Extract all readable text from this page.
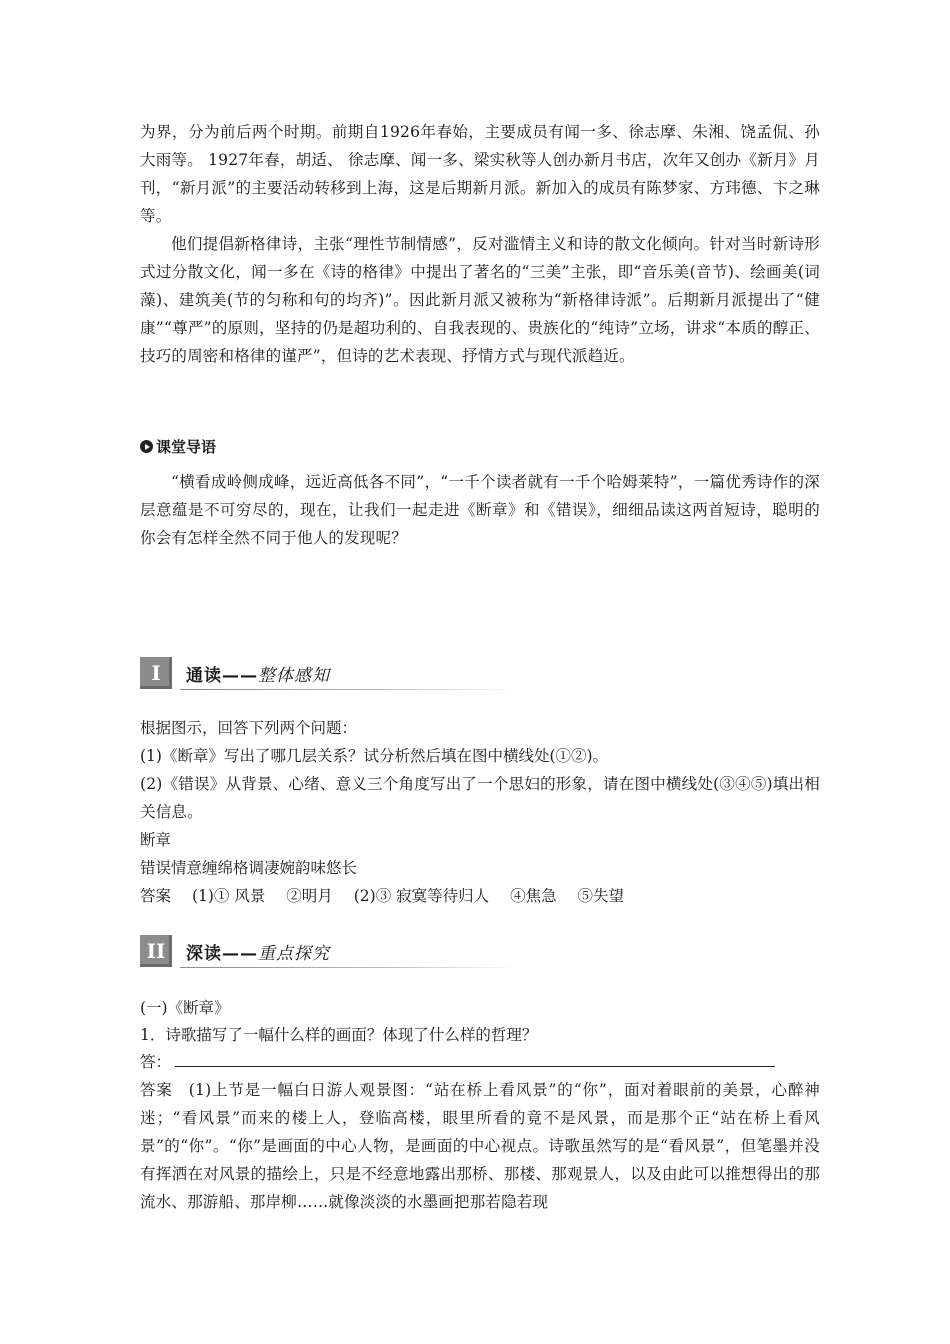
为界，分为前后两个时期。前期自1926年春始，主要成员有闻一多、徐志摩、朱湘、饶孟侃、孙大雨等。 1927年春，胡适、 徐志摩、闻一多、梁实秋等人创办新月书店，次年又创办《新月》月刊，“新月派”的主要活动转移到上海，这是后期新月派。新加入的成员有陈梦家、方玮德、卞之琳等。

他们提倡新格律诗，主张“理性节制情感”，反对滥情主义和诗的散文化倾向。针对当时新诗形式过分散文化，闻一多在《诗的格律》中提出了著名的“三美”主张，即“音乐美(音节)、绘画美(词藻)、建筑美(节的匀称和句的均齐)”。因此新月派又被称为“新格律诗派”。后期新月派提出了“健康”“尊严”的原则，坚持的仍是超功利的、自我表现的、贵族化的“纯诗”立场，讲求“本质的醇正、技巧的周密和格律的谨严”，但诗的艺术表现、抒情方式与现代派趋近。

课堂导语

“横看成岭侧成峰，远近高低各不同”，“一千个读者就有一千个哈姆莱特”，一篇优秀诗作的深层意蕴是不可穷尽的，现在，让我们一起走进《断章》和《错误》，细细品读这两首短诗，聪明的你会有怎样全然不同于他人的发现呢？

I	通读——整体感知
根据图示，回答下列两个问题：
(1)《断章》写出了哪几层关系？试分析然后填在图中横线处(①②)。

(2)《错误》从背景、心绪、意义三个角度写出了一个思妇的形象，请在图中横线处(③④⑤)填出相关信息。

断章
错误情意缠绵格调凄婉韵味悠长
答案 (1)① 风景 ②明月 (2)③ 寂寞等待归人 ④焦急 ⑤失望
II	深读——重点探究
(一)《断章》
1．诗歌描写了一幅什么样的画面？体现了什么样的哲理？
答：

答案 (1)上节是一幅白日游人观景图：“站在桥上看风景”的“你”，面对着眼前的美景，心醉神迷；“看风景”而来的楼上人，登临高楼，眼里所看的竟不是风景，而是那个正“站在桥上看风景”的“你”。“你”是画面的中心人物，是画面的中心视点。诗歌虽然写的是“看风景”，但笔墨并没有挥洒在对风景的描绘上，只是不经意地露出那桥、那楼、那观景人，以及由此可以推想得出的那流水、那游船、那岸柳……就像淡淡的水墨画把那若隐若现
